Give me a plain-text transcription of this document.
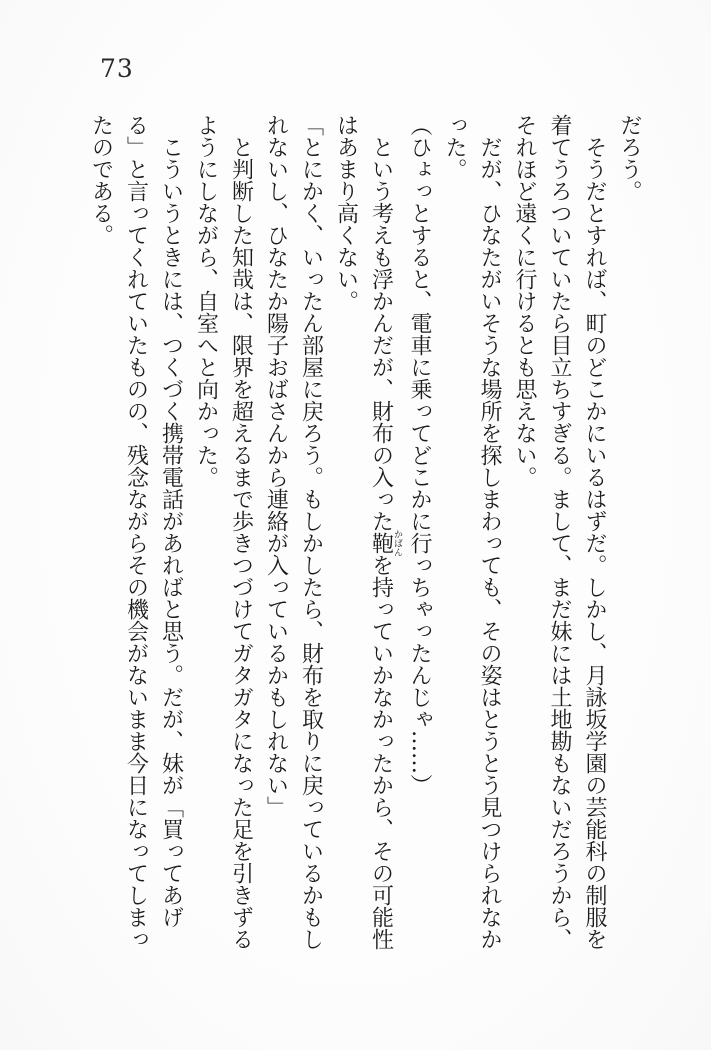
73

だろう。

そうだとすれば、町のどこかにいるはずだ。しかし、月詠坂学園の芸能科の制服を

着てうろついていたら目立ちすぎる。まして、まだ妹には土地勘もないだろうから、

それほど遠くに行けるとも思えない。

だが、ひなたがいそうな場所を探しまわっても、その姿はとうとう見つけられなか

った。

（ひょっとすると、電車に乗ってどこかに行っちゃったんじゃ……）

という考えも浮かんだが、財布の入った鞄かばんを持っていかなかったから、その可能性

はあまり高くない。

「とにかく、いったん部屋に戻ろう。もしかしたら、財布を取りに戻っているかもし

れないし、ひなたか陽子おばさんから連絡が入っているかもしれない」

と判断した知哉は、限界を超えるまで歩きつづけてガタガタになった足を引きずる

ようにしながら、自室へと向かった。

こういうときには、つくづく携帯電話があればと思う。だが、妹が「買ってあげ

る」と言ってくれていたものの、残念ながらその機会がないまま今日になってしまっ

たのである。
